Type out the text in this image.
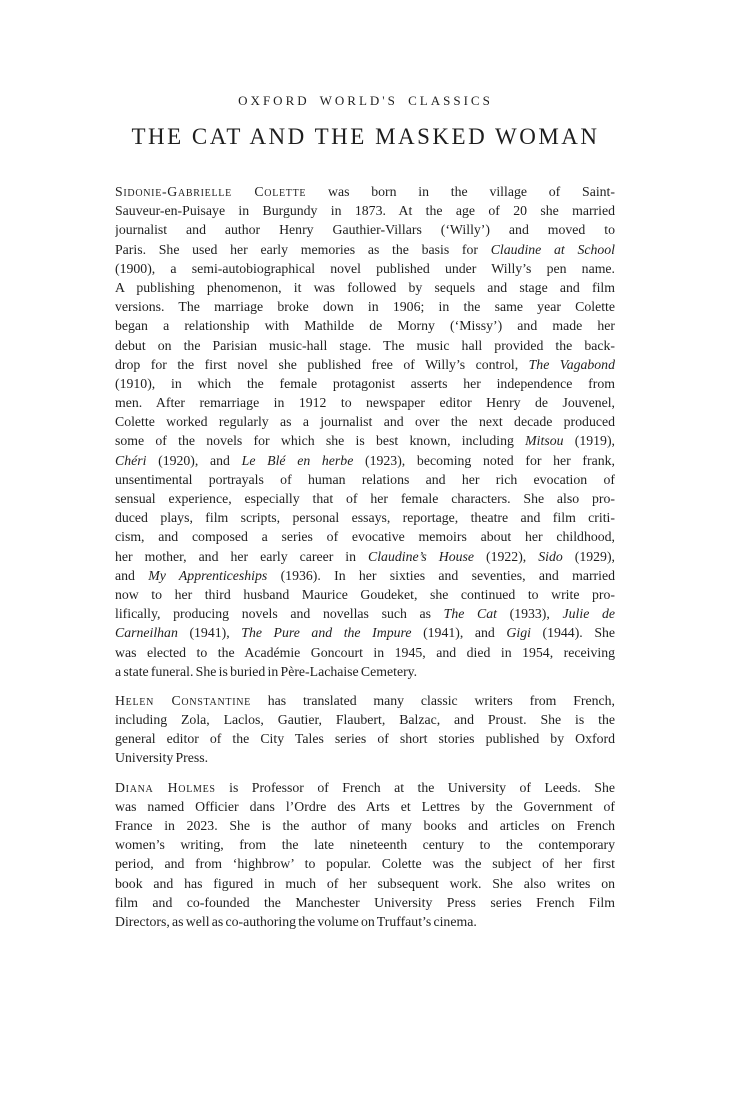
OXFORD WORLD'S CLASSICS
THE CAT AND THE MASKED WOMAN
Sidonie-Gabrielle Colette was born in the village of Saint-
Sauveur-en-Puisaye in Burgundy in 1873. At the age of 20 she married
journalist and author Henry Gauthier-Villars (‘Willy’) and moved to
Paris. She used her early memories as the basis for Claudine at School
(1900), a semi-autobiographical novel published under Willy’s pen name.
A publishing phenomenon, it was followed by sequels and stage and film
versions. The marriage broke down in 1906; in the same year Colette
began a relationship with Mathilde de Morny (‘Missy’) and made her
debut on the Parisian music-hall stage. The music hall provided the back-
drop for the first novel she published free of Willy’s control, The Vagabond
(1910), in which the female protagonist asserts her independence from
men. After remarriage in 1912 to newspaper editor Henry de Jouvenel,
Colette worked regularly as a journalist and over the next decade produced
some of the novels for which she is best known, including Mitsou (1919),
Chéri (1920), and Le Blé en herbe (1923), becoming noted for her frank,
unsentimental portrayals of human relations and her rich evocation of
sensual experience, especially that of her female characters. She also pro-
duced plays, film scripts, personal essays, reportage, theatre and film criti-
cism, and composed a series of evocative memoirs about her childhood,
her mother, and her early career in Claudine’s House (1922), Sido (1929),
and My Apprenticeships (1936). In her sixties and seventies, and married
now to her third husband Maurice Goudeket, she continued to write pro-
lifically, producing novels and novellas such as The Cat (1933), Julie de
Carneilhan (1941), The Pure and the Impure (1941), and Gigi (1944). She
was elected to the Académie Goncourt in 1945, and died in 1954, receiving
a state funeral. She is buried in Père-Lachaise Cemetery.
Helen Constantine has translated many classic writers from French,
including Zola, Laclos, Gautier, Flaubert, Balzac, and Proust. She is the
general editor of the City Tales series of short stories published by Oxford
University Press.
Diana Holmes is Professor of French at the University of Leeds. She
was named Officier dans l’Ordre des Arts et Lettres by the Government of
France in 2023. She is the author of many books and articles on French
women’s writing, from the late nineteenth century to the contemporary
period, and from ‘highbrow’ to popular. Colette was the subject of her first
book and has figured in much of her subsequent work. She also writes on
film and co-founded the Manchester University Press series French Film
Directors, as well as co-authoring the volume on Truffaut’s cinema.
